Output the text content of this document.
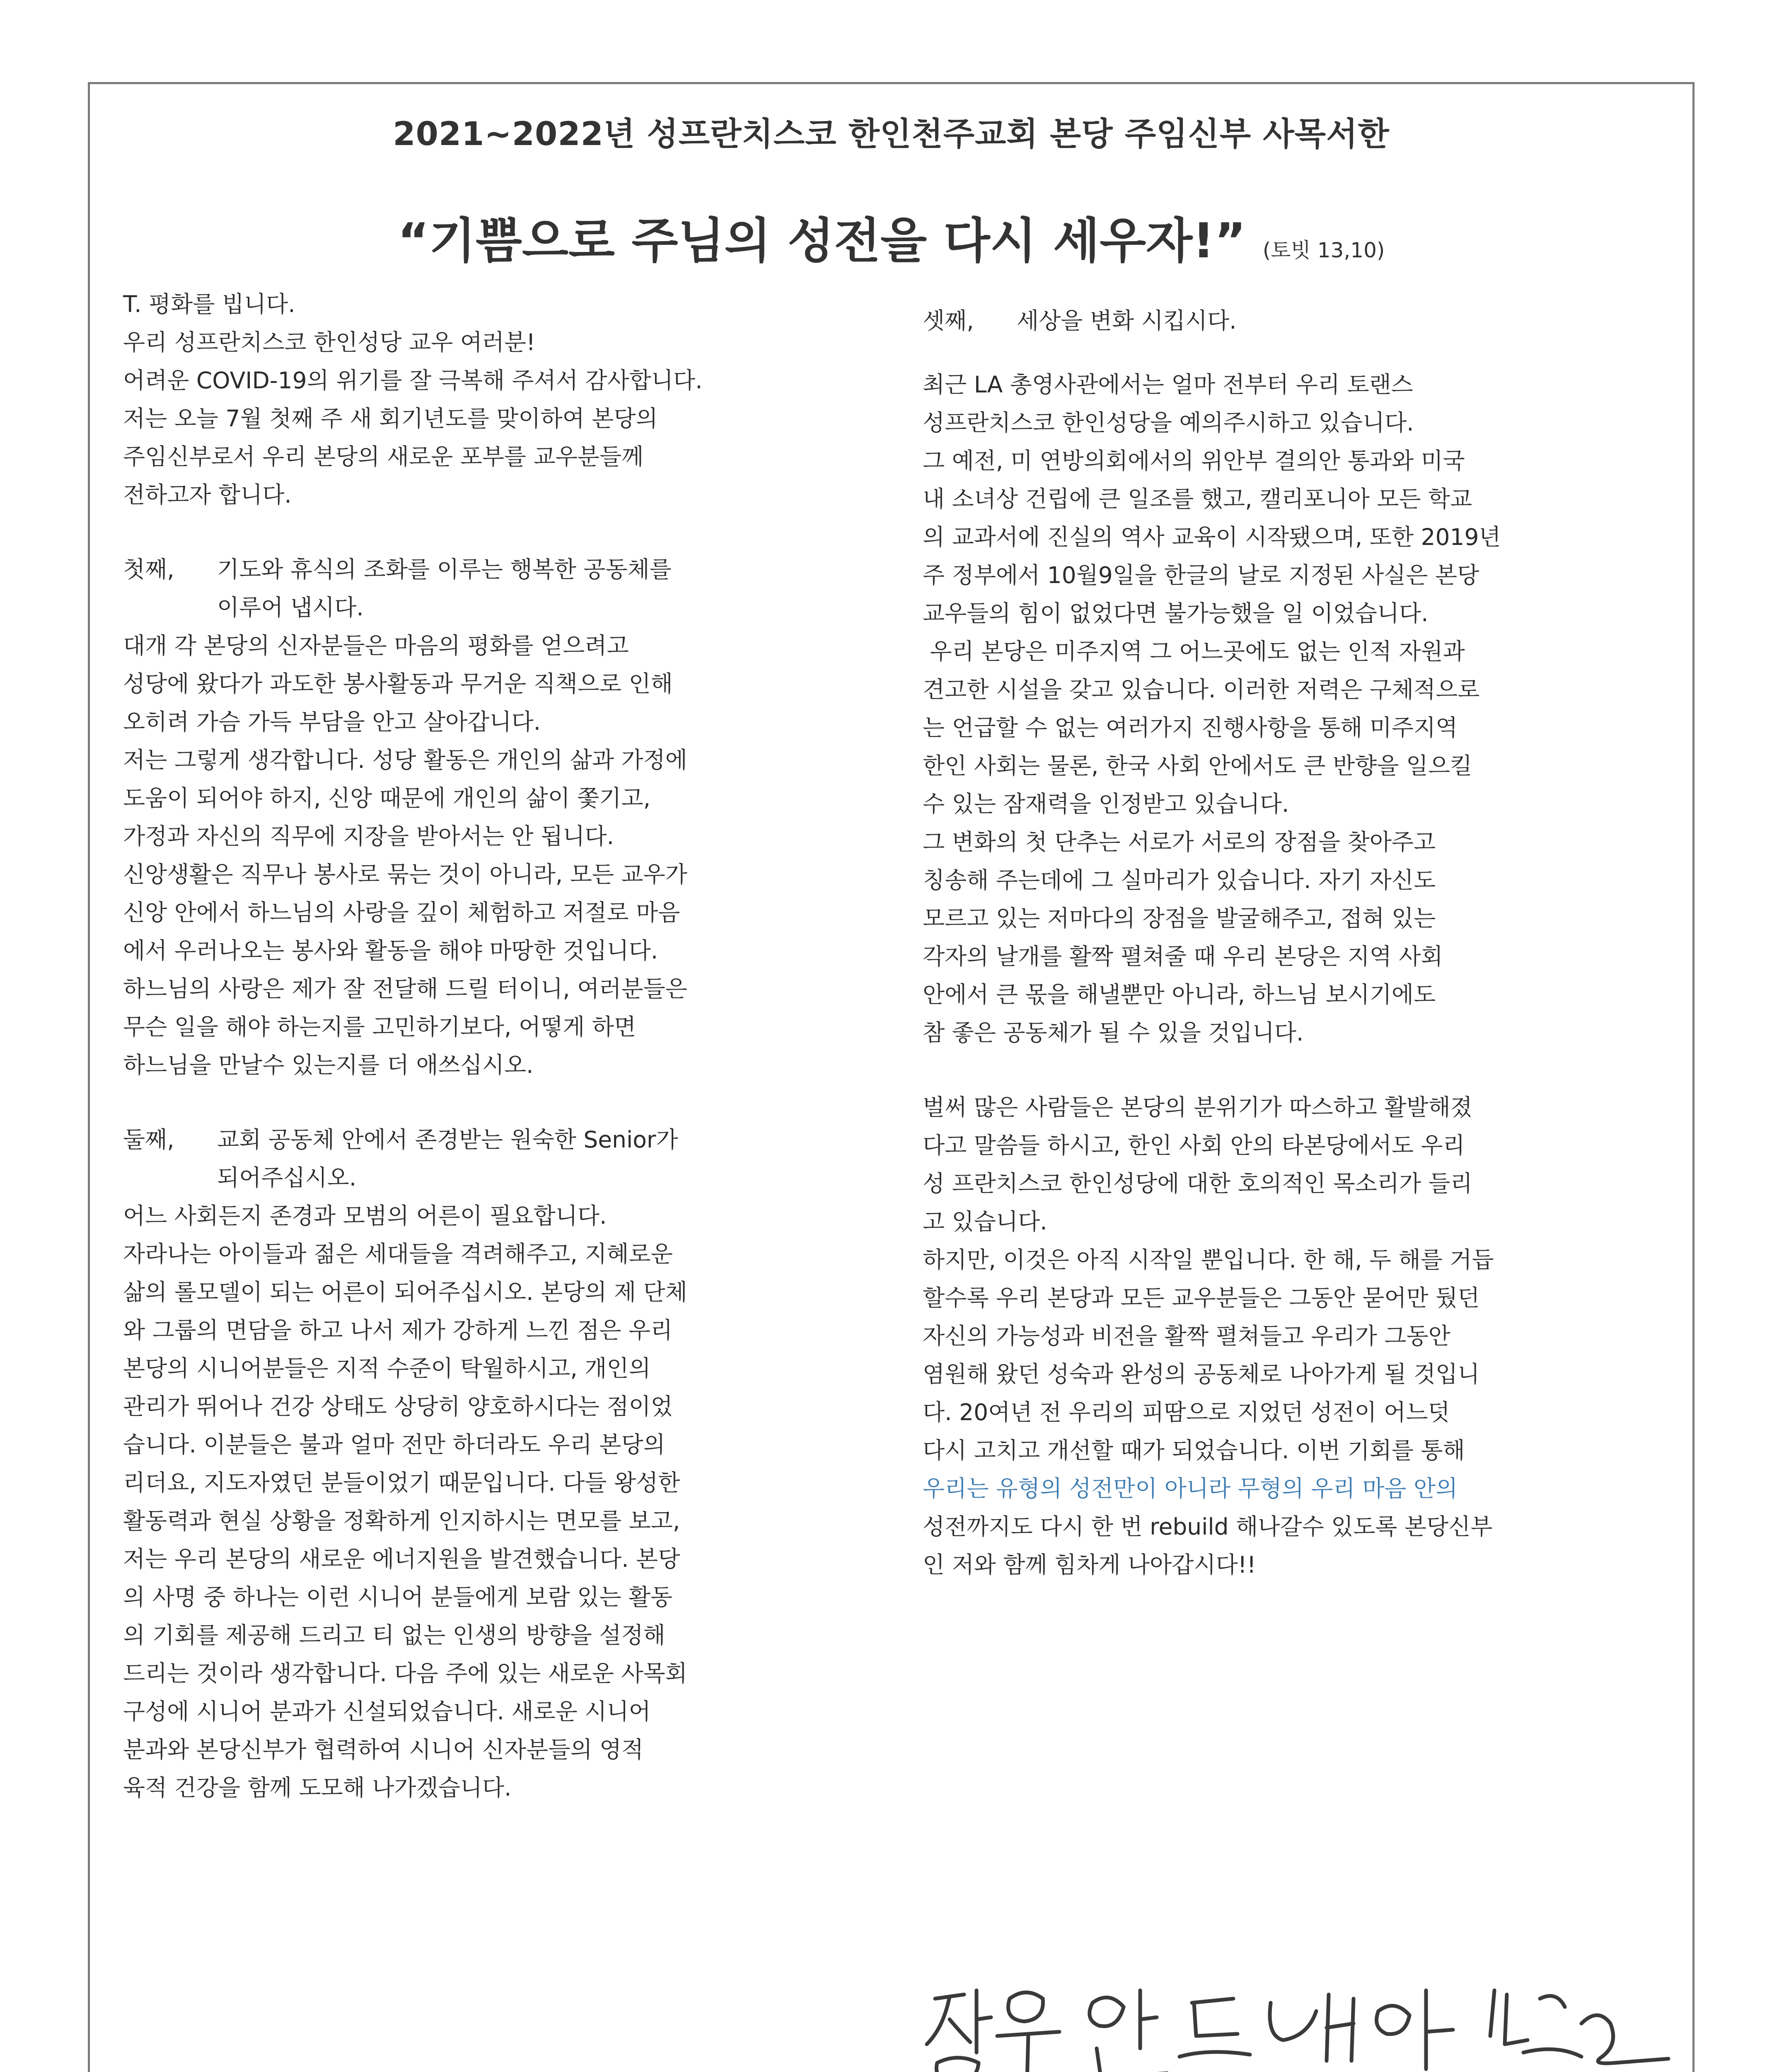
2021~2022년 성프란치스코 한인천주교회 본당 주임신부 사목서한
“기쁨으로 주님의 성전을 다시 세우자!” (토빗 13,10)
T. 평화를 빕니다.
우리 성프란치스코 한인성당 교우 여러분!
어려운 COVID-19의 위기를 잘 극복해 주셔서 감사합니다.
저는 오늘 7월 첫째 주 새 회기년도를 맞이하여 본당의
주임신부로서 우리 본당의 새로운 포부를 교우분들께
전하고자 합니다.
첫째,	기도와 휴식의 조화를 이루는 행복한 공동체를
이루어 냅시다.
대개 각 본당의 신자분들은 마음의 평화를 얻으려고
성당에 왔다가 과도한 봉사활동과 무거운 직책으로 인해
오히려 가슴 가득 부담을 안고 살아갑니다.
저는 그렇게 생각합니다. 성당 활동은 개인의 삶과 가정에
도움이 되어야 하지, 신앙 때문에 개인의 삶이 쫓기고,
가정과 자신의 직무에 지장을 받아서는 안 됩니다.
신앙생활은 직무나 봉사로 묶는 것이 아니라, 모든 교우가
신앙 안에서 하느님의 사랑을 깊이 체험하고 저절로 마음
에서 우러나오는 봉사와 활동을 해야 마땅한 것입니다.
하느님의 사랑은 제가 잘 전달해 드릴 터이니, 여러분들은
무슨 일을 해야 하는지를 고민하기보다, 어떻게 하면
하느님을 만날수 있는지를 더 애쓰십시오.
둘째,	교회 공동체 안에서 존경받는 원숙한 Senior가
되어주십시오.
어느 사회든지 존경과 모범의 어른이 필요합니다.
자라나는 아이들과 젊은 세대들을 격려해주고, 지혜로운
삶의 롤모델이 되는 어른이 되어주십시오. 본당의 제 단체
와 그룹의 면담을 하고 나서 제가 강하게 느낀 점은 우리
본당의 시니어분들은 지적 수준이 탁월하시고, 개인의
관리가 뛰어나 건강 상태도 상당히 양호하시다는 점이었
습니다. 이분들은 불과 얼마 전만 하더라도 우리 본당의
리더요, 지도자였던 분들이었기 때문입니다. 다들 왕성한
활동력과 현실 상황을 정확하게 인지하시는 면모를 보고,
저는 우리 본당의 새로운 에너지원을 발견했습니다. 본당
의 사명 중 하나는 이런 시니어 분들에게 보람 있는 활동
의 기회를 제공해 드리고 티 없는 인생의 방향을 설정해
드리는 것이라 생각합니다. 다음 주에 있는 새로운 사목회
구성에 시니어 분과가 신설되었습니다. 새로운 시니어
분과와 본당신부가 협력하여 시니어 신자분들의 영적
육적 건강을 함께 도모해 나가겠습니다.
셋째,	세상을 변화 시킵시다.
최근 LA 총영사관에서는 얼마 전부터 우리 토랜스
성프란치스코 한인성당을 예의주시하고 있습니다.
그 예전, 미 연방의회에서의 위안부 결의안 통과와 미국
내 소녀상 건립에 큰 일조를 했고, 캘리포니아 모든 학교
의 교과서에 진실의 역사 교육이 시작됐으며, 또한 2019년
주 정부에서 10월9일을 한글의 날로 지정된 사실은 본당
교우들의 힘이 없었다면 불가능했을 일 이었습니다.
우리 본당은 미주지역 그 어느곳에도 없는 인적 자원과
견고한 시설을 갖고 있습니다. 이러한 저력은 구체적으로
는 언급할 수 없는 여러가지 진행사항을 통해 미주지역
한인 사회는 물론, 한국 사회 안에서도 큰 반향을 일으킬
수 있는 잠재력을 인정받고 있습니다.
그 변화의 첫 단추는 서로가 서로의 장점을 찾아주고
칭송해 주는데에 그 실마리가 있습니다. 자기 자신도
모르고 있는 저마다의 장점을 발굴해주고, 접혀 있는
각자의 날개를 활짝 펼쳐줄 때 우리 본당은 지역 사회
안에서 큰 몫을 해낼뿐만 아니라, 하느님 보시기에도
참 좋은 공동체가 될 수 있을 것입니다.
벌써 많은 사람들은 본당의 분위기가 따스하고 활발해졌
다고 말씀들 하시고, 한인 사회 안의 타본당에서도 우리
성 프란치스코 한인성당에 대한 호의적인 목소리가 들리
고 있습니다.
하지만, 이것은 아직 시작일 뿐입니다. 한 해, 두 해를 거듭
할수록 우리 본당과 모든 교우분들은 그동안 묻어만 뒀던
자신의 가능성과 비전을 활짝 펼쳐들고 우리가 그동안
염원해 왔던 성숙과 완성의 공동체로 나아가게 될 것입니
다. 20여년 전 우리의 피땀으로 지었던 성전이 어느덧
다시 고치고 개선할 때가 되었습니다. 이번 기회를 통해
우리는 유형의 성전만이 아니라 무형의 우리 마음 안의
성전까지도 다시 한 번 rebuild 해나갈수 있도록 본당신부
인 저와 함께 힘차게 나아갑시다!!
